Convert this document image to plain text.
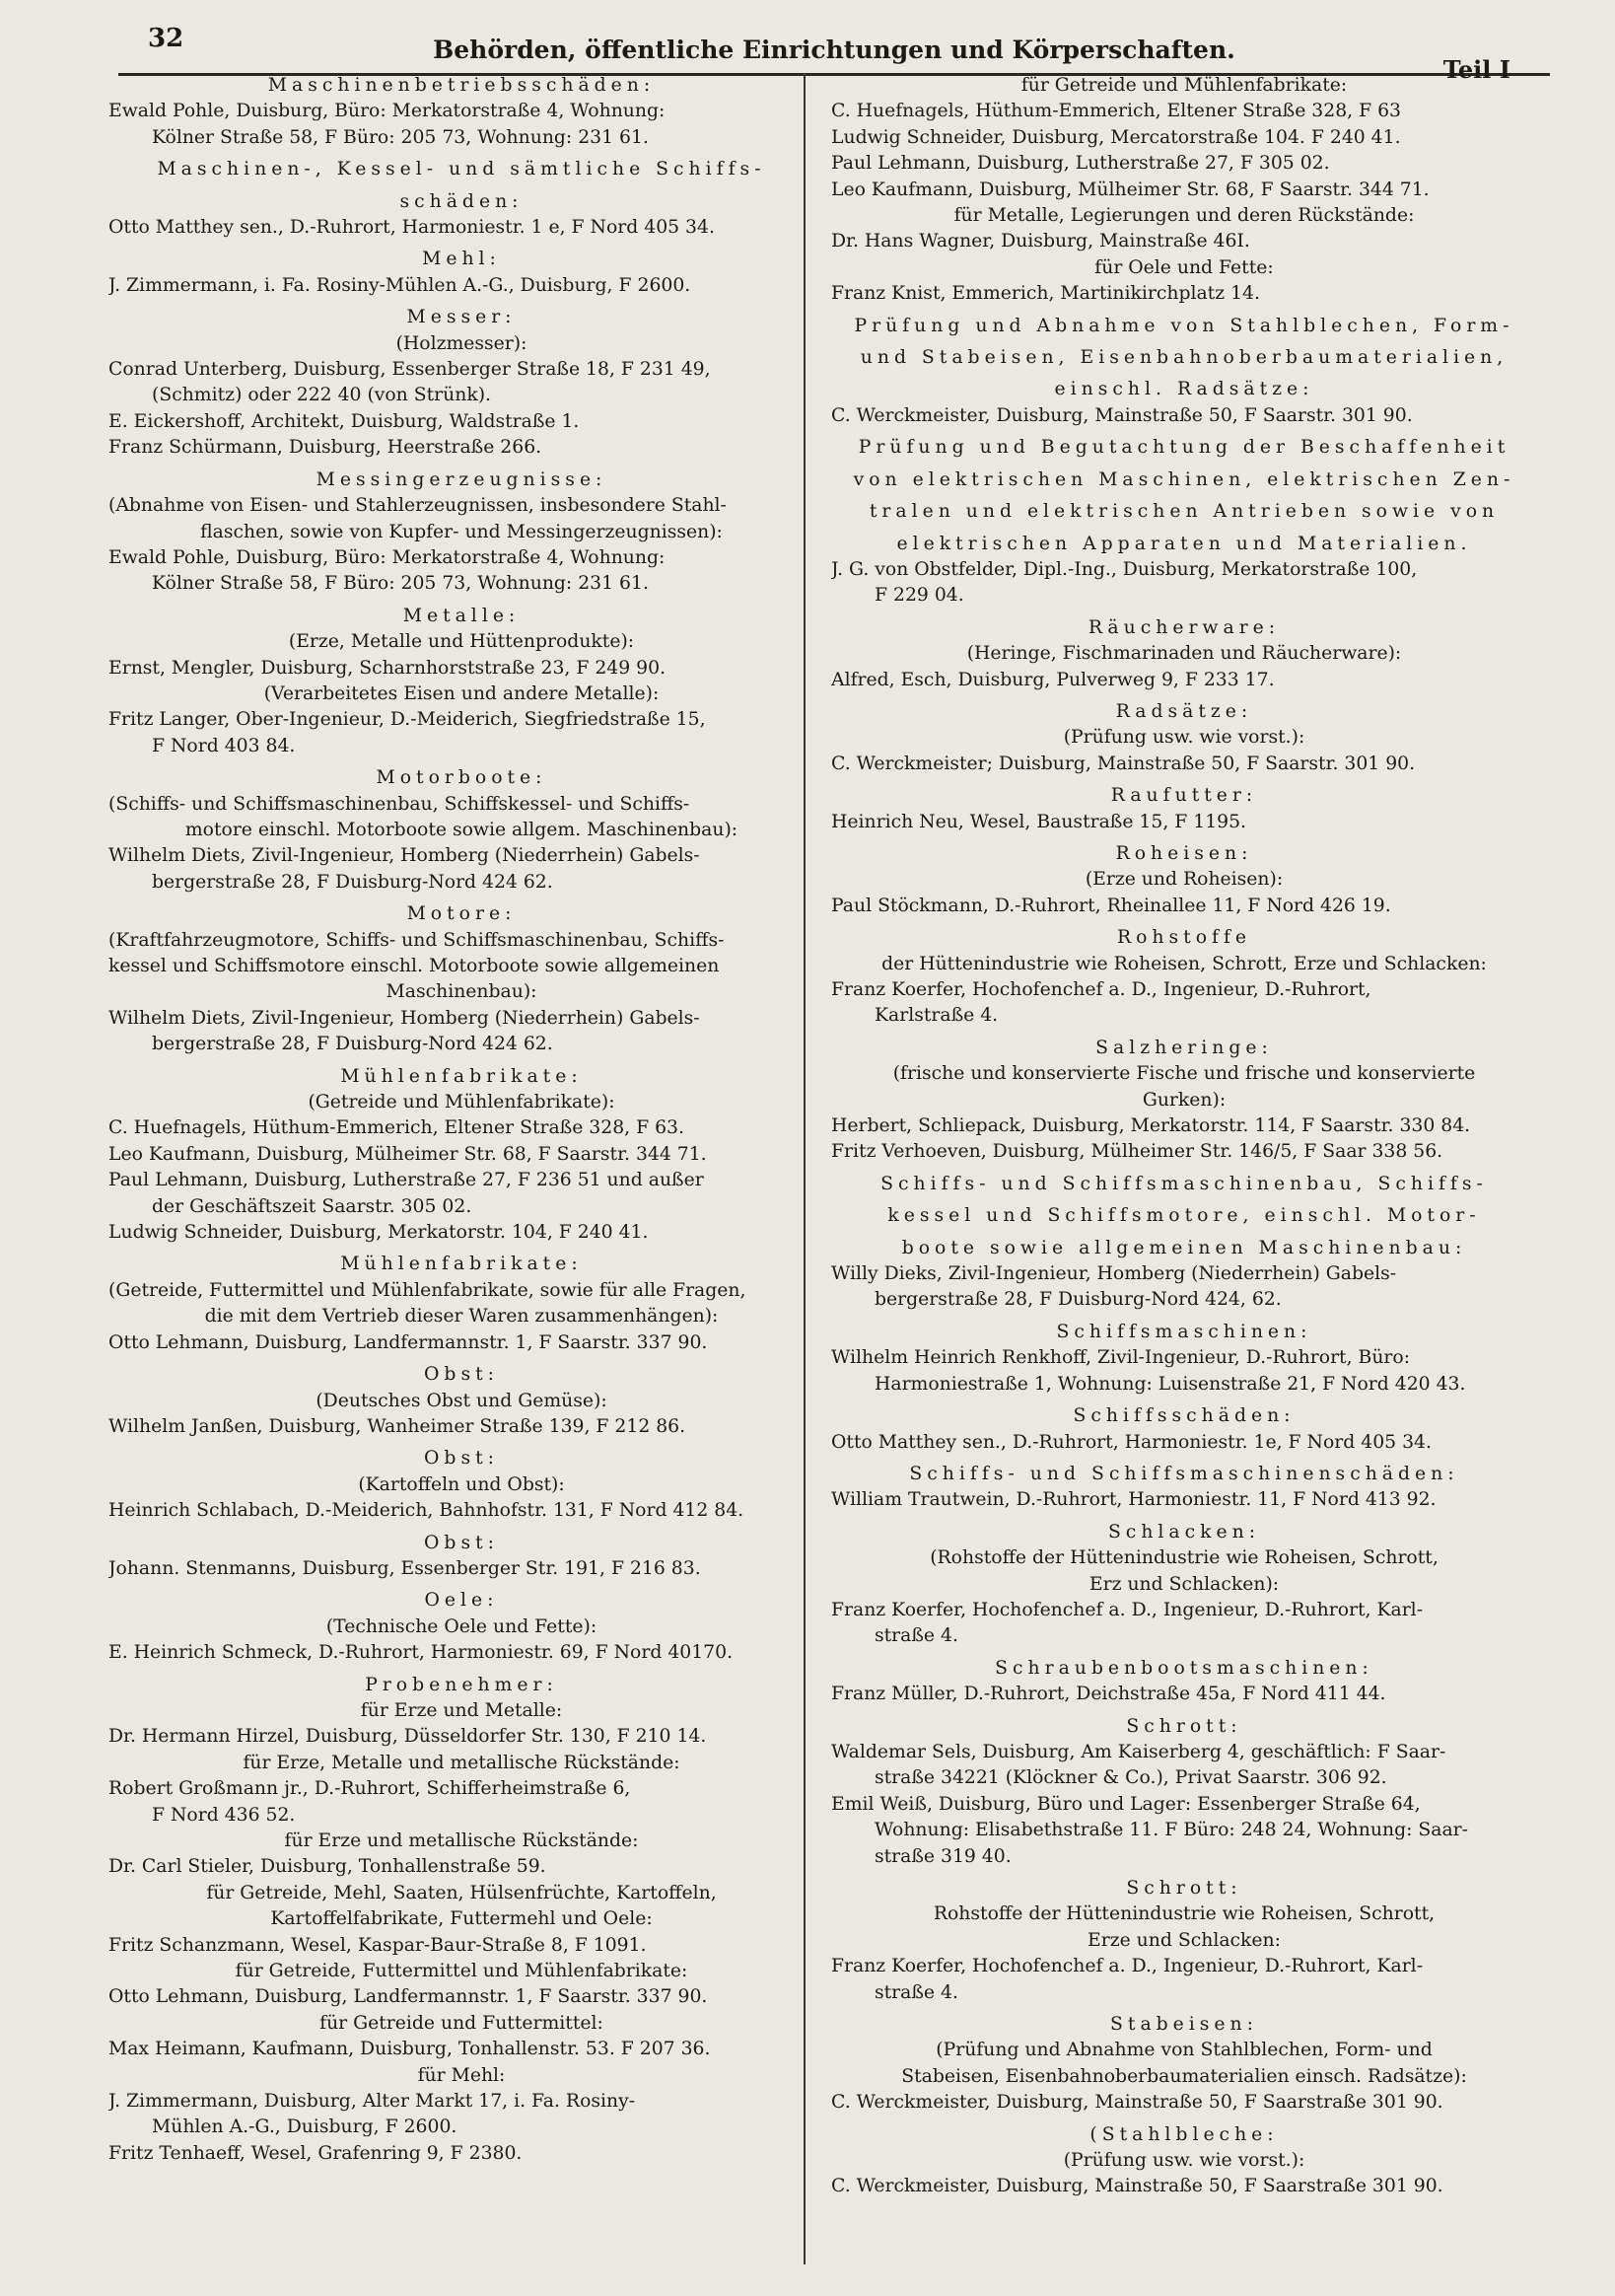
32	Behörden, öffentliche Einrichtungen und Körperschaften.
Teil I
Maschinenbetriebsschäden:
Ewald Pohle, Duisburg, Büro: Merkatorstraße 4, Wohnung:
Kölner Straße 58, F Büro: 205 73, Wohnung: 231 61.
Maschinen-, Kessel- und sämtliche Schiffs-
schäden:
Otto Matthey sen., D.-Ruhrort, Harmoniestr. 1 e, F Nord 405 34.
Mehl:
J. Zimmermann, i. Fa. Rosiny-Mühlen A.-G., Duisburg, F 2600.
Messer:
(Holzmesser):
Conrad Unterberg, Duisburg, Essenberger Straße 18, F 231 49,
(Schmitz) oder 222 40 (von Strünk).
E. Eickershoff, Architekt, Duisburg, Waldstraße 1.
Franz Schürmann, Duisburg, Heerstraße 266.
Messingerzeugnisse:
(Abnahme von Eisen- und Stahlerzeugnissen, insbesondere Stahl-
flaschen, sowie von Kupfer- und Messingerzeugnissen):
Ewald Pohle, Duisburg, Büro: Merkatorstraße 4, Wohnung:
Kölner Straße 58, F Büro: 205 73, Wohnung: 231 61.
Metalle:
(Erze, Metalle und Hüttenprodukte):
Ernst, Mengler, Duisburg, Scharnhorststraße 23, F 249 90.
(Verarbeitetes Eisen und andere Metalle):
Fritz Langer, Ober-Ingenieur, D.-Meiderich, Siegfriedstraße 15,
F Nord 403 84.
Motorboote:
(Schiffs- und Schiffsmaschinenbau, Schiffskessel- und Schiffs-
motore einschl. Motorboote sowie allgem. Maschinenbau):
Wilhelm Diets, Zivil-Ingenieur, Homberg (Niederrhein) Gabels-
bergerstraße 28, F Duisburg-Nord 424 62.
Motore:
(Kraftfahrzeugmotore, Schiffs- und Schiffsmaschinenbau, Schiffs-
kessel und Schiffsmotore einschl. Motorboote sowie allgemeinen
Maschinenbau):
Wilhelm Diets, Zivil-Ingenieur, Homberg (Niederrhein) Gabels-
bergerstraße 28, F Duisburg-Nord 424 62.
Mühlenfabrikate:
(Getreide und Mühlenfabrikate):
C. Huefnagels, Hüthum-Emmerich, Eltener Straße 328, F 63.
Leo Kaufmann, Duisburg, Mülheimer Str. 68, F Saarstr. 344 71.
Paul Lehmann, Duisburg, Lutherstraße 27, F 236 51 und außer
der Geschäftszeit Saarstr. 305 02.
Ludwig Schneider, Duisburg, Merkatorstr. 104, F 240 41.
Mühlenfabrikate:
(Getreide, Futtermittel und Mühlenfabrikate, sowie für alle Fragen,
die mit dem Vertrieb dieser Waren zusammenhängen):
Otto Lehmann, Duisburg, Landfermannstr. 1, F Saarstr. 337 90.
Obst:
(Deutsches Obst und Gemüse):
Wilhelm Janßen, Duisburg, Wanheimer Straße 139, F 212 86.
Obst:
(Kartoffeln und Obst):
Heinrich Schlabach, D.-Meiderich, Bahnhofstr. 131, F Nord 412 84.
Obst:
Johann. Stenmanns, Duisburg, Essenberger Str. 191, F 216 83.
Oele:
(Technische Oele und Fette):
E. Heinrich Schmeck, D.-Ruhrort, Harmoniestr. 69, F Nord 40170.
Probenehmer:
für Erze und Metalle:
Dr. Hermann Hirzel, Duisburg, Düsseldorfer Str. 130, F 210 14.
für Erze, Metalle und metallische Rückstände:
Robert Großmann jr., D.-Ruhrort, Schifferheimstraße 6,
F Nord 436 52.
für Erze und metallische Rückstände:
Dr. Carl Stieler, Duisburg, Tonhallenstraße 59.
für Getreide, Mehl, Saaten, Hülsenfrüchte, Kartoffeln,
Kartoffelfabrikate, Futtermehl und Oele:
Fritz Schanzmann, Wesel, Kaspar-Baur-Straße 8, F 1091.
für Getreide, Futtermittel und Mühlenfabrikate:
Otto Lehmann, Duisburg, Landfermannstr. 1, F Saarstr. 337 90.
für Getreide und Futtermittel:
Max Heimann, Kaufmann, Duisburg, Tonhallenstr. 53. F 207 36.
für Mehl:
J. Zimmermann, Duisburg, Alter Markt 17, i. Fa. Rosiny-
Mühlen A.-G., Duisburg, F 2600.
Fritz Tenhaeff, Wesel, Grafenring 9, F 2380.
für Getreide und Mühlenfabrikate:
C. Huefnagels, Hüthum-Emmerich, Eltener Straße 328, F 63
Ludwig Schneider, Duisburg, Mercatorstraße 104. F 240 41.
Paul Lehmann, Duisburg, Lutherstraße 27, F 305 02.
Leo Kaufmann, Duisburg, Mülheimer Str. 68, F Saarstr. 344 71.
für Metalle, Legierungen und deren Rückstände:
Dr. Hans Wagner, Duisburg, Mainstraße 46I.
für Oele und Fette:
Franz Knist, Emmerich, Martinikirchplatz 14.
Prüfung und Abnahme von Stahlblechen, Form-
und Stabeisen, Eisenbahnoberbaumaterialien,
einschl. Radsätze:
C. Werckmeister, Duisburg, Mainstraße 50, F Saarstr. 301 90.
Prüfung und Begutachtung der Beschaffenheit
von elektrischen Maschinen, elektrischen Zen-
tralen und elektrischen Antrieben sowie von
elektrischen Apparaten und Materialien.
J. G. von Obstfelder, Dipl.-Ing., Duisburg, Merkatorstraße 100,
F 229 04.
Räucherware:
(Heringe, Fischmarinaden und Räucherware):
Alfred, Esch, Duisburg, Pulverweg 9, F 233 17.
Radsätze:
(Prüfung usw. wie vorst.):
C. Werckmeister; Duisburg, Mainstraße 50, F Saarstr. 301 90.
Raufutter:
Heinrich Neu, Wesel, Baustraße 15, F 1195.
Roheisen:
(Erze und Roheisen):
Paul Stöckmann, D.-Ruhrort, Rheinallee 11, F Nord 426 19.
Rohstoffe
der Hüttenindustrie wie Roheisen, Schrott, Erze und Schlacken:
Franz Koerfer, Hochofenchef a. D., Ingenieur, D.-Ruhrort,
Karlstraße 4.
Salzheringe:
(frische und konservierte Fische und frische und konservierte
Gurken):
Herbert, Schliepack, Duisburg, Merkatorstr. 114, F Saarstr. 330 84.
Fritz Verhoeven, Duisburg, Mülheimer Str. 146/5, F Saar 338 56.
Schiffs- und Schiffsmaschinenbau, Schiffs-
kessel und Schiffsmotore, einschl. Motor-
boote sowie allgemeinen Maschinenbau:
Willy Dieks, Zivil-Ingenieur, Homberg (Niederrhein) Gabels-
bergerstraße 28, F Duisburg-Nord 424, 62.
Schiffsmaschinen:
Wilhelm Heinrich Renkhoff, Zivil-Ingenieur, D.-Ruhrort, Büro:
Harmoniestraße 1, Wohnung: Luisenstraße 21, F Nord 420 43.
Schiffsschäden:
Otto Matthey sen., D.-Ruhrort, Harmoniestr. 1e, F Nord 405 34.
Schiffs- und Schiffsmaschinenschäden:
William Trautwein, D.-Ruhrort, Harmoniestr. 11, F Nord 413 92.
Schlacken:
(Rohstoffe der Hüttenindustrie wie Roheisen, Schrott,
Erz und Schlacken):
Franz Koerfer, Hochofenchef a. D., Ingenieur, D.-Ruhrort, Karl-
straße 4.
Schraubenbootsmaschinen:
Franz Müller, D.-Ruhrort, Deichstraße 45a, F Nord 411 44.
Schrott:
Waldemar Sels, Duisburg, Am Kaiserberg 4, geschäftlich: F Saar-
straße 34221 (Klöckner & Co.), Privat Saarstr. 306 92.
Emil Weiß, Duisburg, Büro und Lager: Essenberger Straße 64,
Wohnung: Elisabethstraße 11. F Büro: 248 24, Wohnung: Saar-
straße 319 40.
Schrott:
Rohstoffe der Hüttenindustrie wie Roheisen, Schrott,
Erze und Schlacken:
Franz Koerfer, Hochofenchef a. D., Ingenieur, D.-Ruhrort, Karl-
straße 4.
Stabeisen:
(Prüfung und Abnahme von Stahlblechen, Form- und
Stabeisen, Eisenbahnoberbaumaterialien einsch. Radsätze):
C. Werckmeister, Duisburg, Mainstraße 50, F Saarstraße 301 90.
(Stahlbleche:
(Prüfung usw. wie vorst.):
C. Werckmeister, Duisburg, Mainstraße 50, F Saarstraße 301 90.
